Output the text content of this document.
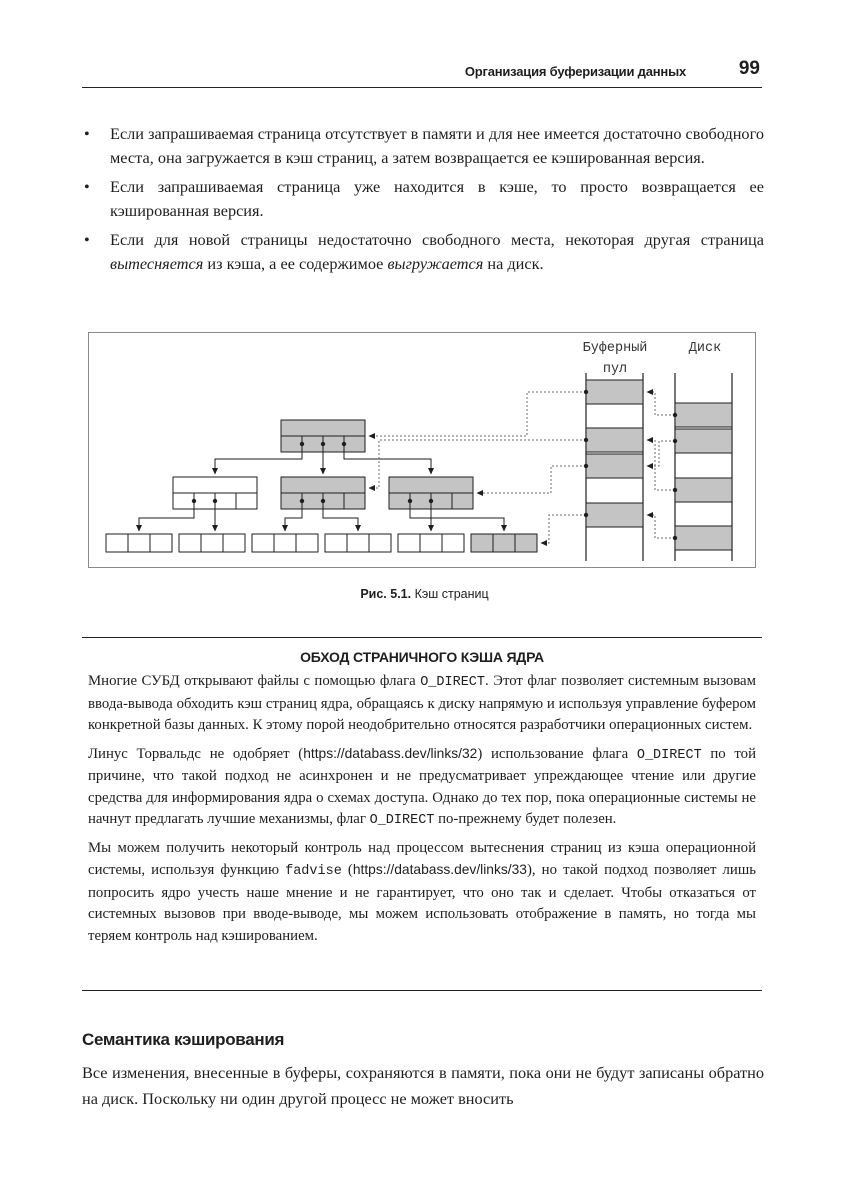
Организация буферизации данных	99
• Если запрашиваемая страница отсутствует в памяти и для нее имеется достаточно свободного места, она загружается в кэш страниц, а затем возвращается ее кэшированная версия.
• Если запрашиваемая страница уже находится в кэше, то просто возвращается ее кэшированная версия.
• Если для новой страницы недостаточно свободного места, некоторая другая страница вытесняется из кэша, а ее содержимое выгружается на диск.
Буферный
пул
Диск
Рис. 5.1. Кэш страниц
ОБХОД СТРАНИЧНОГО КЭША ЯДРА

Многие СУБД открывают файлы с помощью флага O_DIRECT. Этот флаг позволяет системным вызовам ввода-вывода обходить кэш страниц ядра, обращаясь к диску напрямую и используя управление буфером конкретной базы данных. К этому порой неодобрительно относятся разработчики операционных систем.

Линус Торвальдс не одобряет (https://databass.dev/links/32) использование флага O_DIRECT по той причине, что такой подход не асинхронен и не предусматривает упреждающее чтение или другие средства для информирования ядра о схемах доступа. Однако до тех пор, пока операционные системы не начнут предлагать лучшие механизмы, флаг O_DIRECT по-прежнему будет полезен.

Мы можем получить некоторый контроль над процессом вытеснения страниц из кэша операционной системы, используя функцию fadvise (https://databass.dev/links/33), но такой подход позволяет лишь попросить ядро учесть наше мнение и не гарантирует, что оно так и сделает. Чтобы отказаться от системных вызовов при вводе-выводе, мы можем использовать отображение в память, но тогда мы теряем контроль над кэшированием.

Семантика кэширования

Все изменения, внесенные в буферы, сохраняются в памяти, пока они не будут записаны обратно на диск. Поскольку ни один другой процесс не может вносить
